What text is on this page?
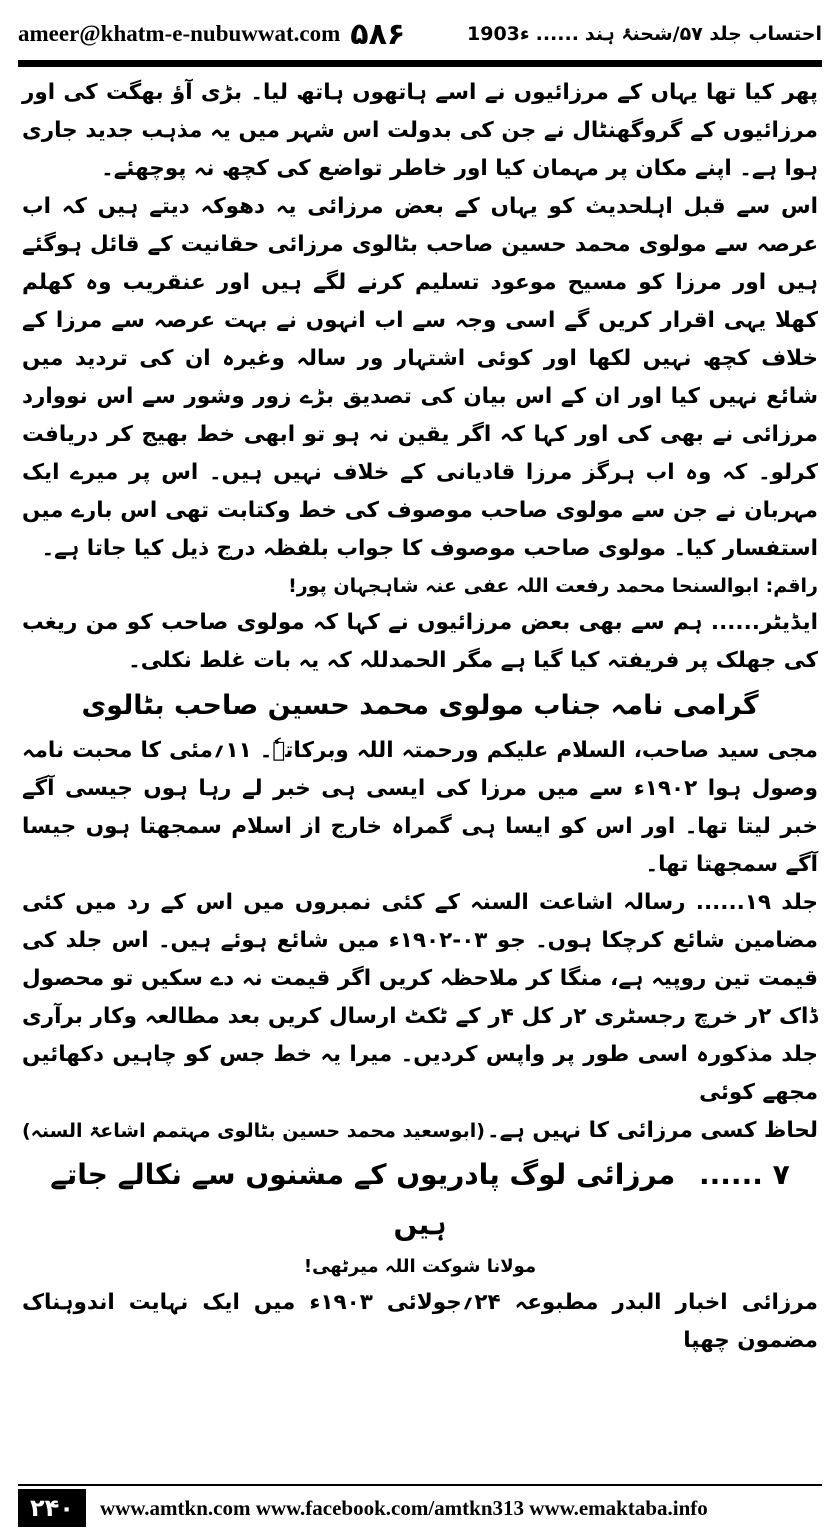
ameer@khatm-e-nubuwwat.com ۵۸۶	احتساب جلد ۵۷/شحنۂ ہند
......
1903ء

پھر کیا تھا یہاں کے مرزائیوں نے اسے ہاتھوں ہاتھ لیا۔ بڑی آؤ بھگت کی اور مرزائیوں کے گروگھنٹال نے جن کی بدولت اس شہر میں یہ مذہب جدید جاری ہوا ہے۔ اپنے مکان پر مہمان کیا اور خاطر تواضع کی کچھ نہ پوچھئے۔

اس سے قبل اہلحدیث کو یہاں کے بعض مرزائی یہ دھوکہ دیتے ہیں کہ اب عرصہ سے مولوی محمد حسین صاحب بٹالوی مرزائی حقانیت کے قائل ہوگئے ہیں اور مرزا کو مسیح موعود تسلیم کرنے لگے ہیں اور عنقریب وہ کھلم کھلا یہی اقرار کریں گے اسی وجہ سے اب انہوں نے بہت عرصہ سے مرزا کے خلاف کچھ نہیں لکھا اور کوئی اشتہار ور سالہ وغیرہ ان کی تردید میں شائع نہیں کیا اور ان کے اس بیان کی تصدیق بڑے زور وشور سے اس نووارد مرزائی نے بھی کی اور کہا کہ اگر یقین نہ ہو تو ابھی خط بھیج کر دریافت کرلو۔ کہ وہ اب ہرگز مرزا قادیانی کے خلاف نہیں ہیں۔ اس پر میرے ایک مہربان نے جن سے مولوی صاحب موصوف کی خط وکتابت تھی اس بارے میں استفسار کیا۔ مولوی صاحب موصوف کا جواب بلفظہ درج ذیل کیا جاتا ہے۔

راقم: ابوالسنحا محمد رفعت اللہ عفی عنہ شاہجہان پور!

ایڈیٹر...... ہم سے بھی بعض مرزائیوں نے کہا کہ مولوی صاحب کو من ریغب کی جھلک پر فریفتہ کیا گیا ہے مگر الحمدللہ کہ یہ بات غلط نکلی۔

گرامی نامہ جناب مولوی محمد حسین صاحب بٹالوی

مجی سید صاحب، السلام علیکم ورحمتہ اللہ وبرکاتہٗ۔ ۱۱؍مئی کا محبت نامہ وصول ہوا ۱۹۰۲ء سے میں مرزا کی ایسی ہی خبر لے رہا ہوں جیسی آگے خبر لیتا تھا۔ اور اس کو ایسا ہی گمراہ خارج از اسلام سمجھتا ہوں جیسا آگے سمجھتا تھا۔

جلد ۱۹...... رسالہ اشاعت السنہ کے کئی نمبروں میں اس کے رد میں کئی مضامین شائع کرچکا ہوں۔ جو ۰۳-۱۹۰۲ء میں شائع ہوئے ہیں۔ اس جلد کی قیمت تین روپیہ ہے، منگا کر ملاحظہ کریں اگر قیمت نہ دے سکیں تو محصول ڈاک ۲ر خرچ رجسٹری ۲ر کل ۴ر کے ٹکٹ ارسال کریں بعد مطالعہ وکار برآری جلد مذکورہ اسی طور پر واپس کردیں۔ میرا یہ خط جس کو چاہیں دکھائیں مجھے کوئی

لحاظ کسی مرزائی کا نہیں ہے۔
(ابوسعید محمد حسین بٹالوی مہتمم اشاعۃ السنہ)

۷ ...... مرزائی لوگ پادریوں کے مشنوں سے نکالے جاتے ہیں

مولانا شوکت اللہ میرٹھی!

مرزائی اخبار البدر مطبوعہ ۲۴؍جولائی ۱۹۰۳ء میں ایک نہایت اندوہناک مضمون چھپا

۲۴۰	www.amtkn.com www.facebook.com/amtkn313 www.emaktaba.info
